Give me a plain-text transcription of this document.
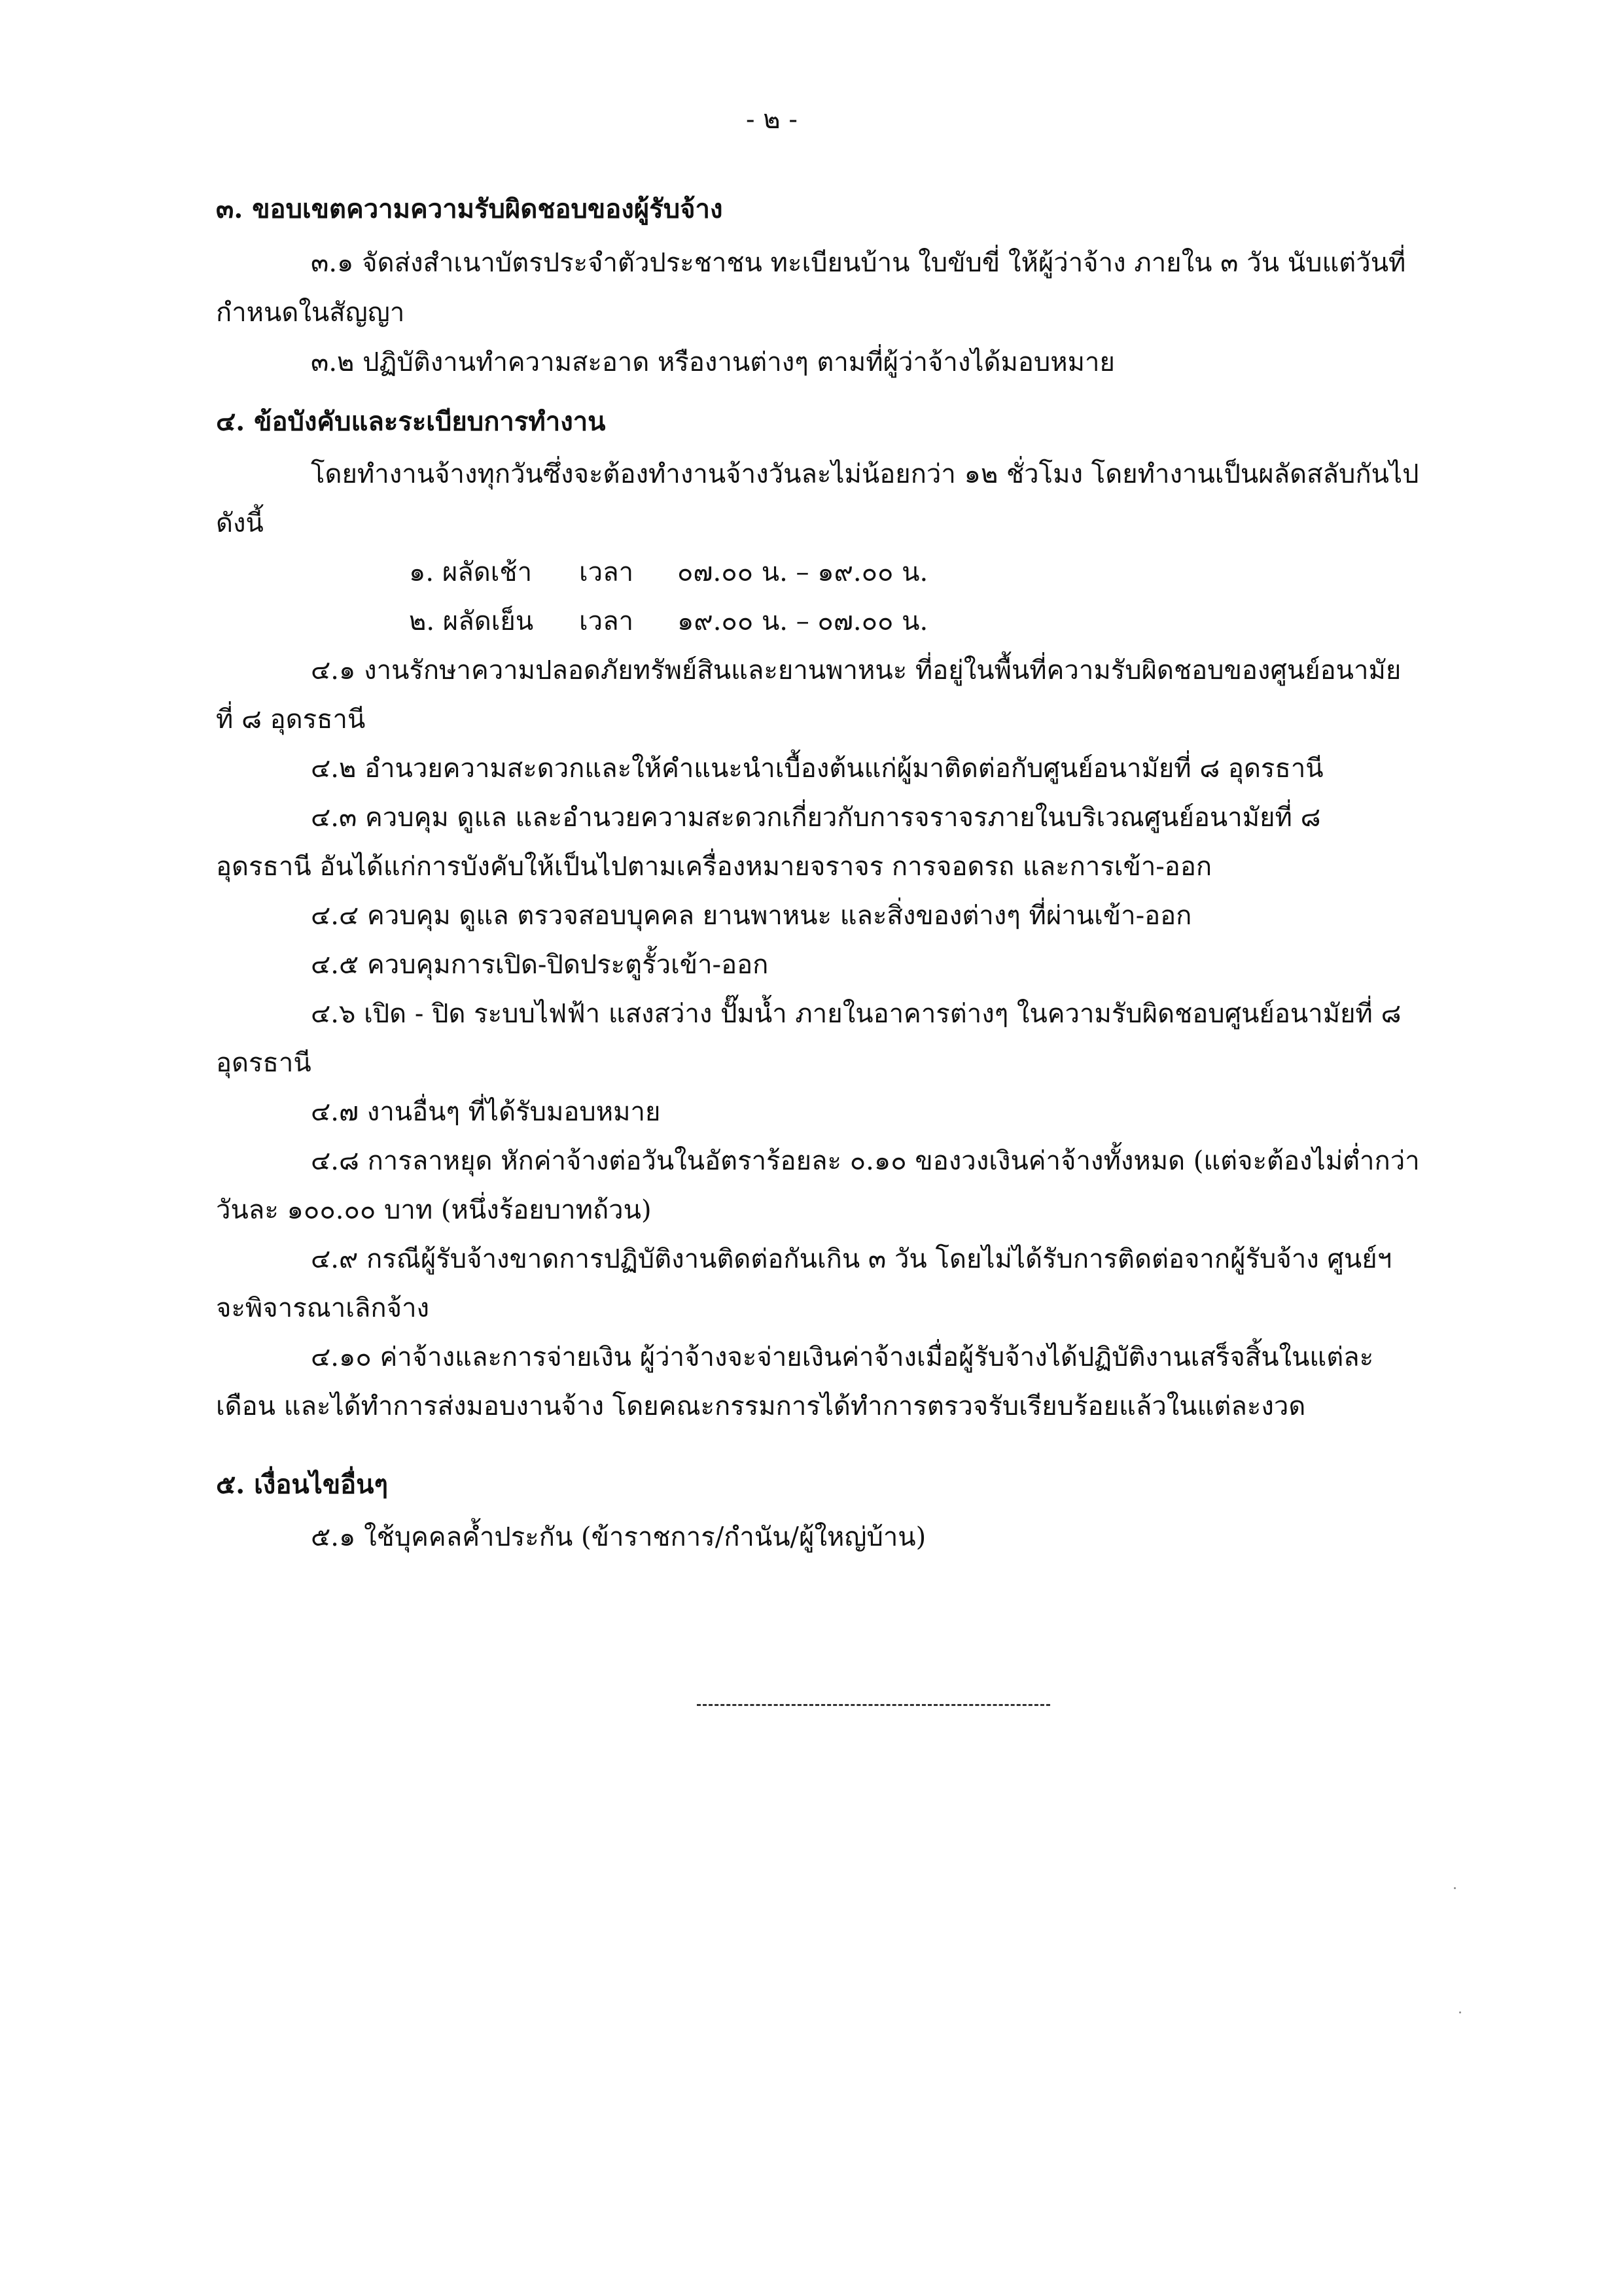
- ๒ -
๓. ขอบเขตความความรับผิดชอบของผู้รับจ้าง
๓.๑ จัดส่งสำเนาบัตรประจำตัวประชาชน ทะเบียนบ้าน ใบขับขี่ ให้ผู้ว่าจ้าง ภายใน ๓ วัน นับแต่วันที่
กำหนดในสัญญา
๓.๒ ปฏิบัติงานทำความสะอาด หรืองานต่างๆ ตามที่ผู้ว่าจ้างได้มอบหมาย
๔. ข้อบังคับและระเบียบการทำงาน
โดยทำงานจ้างทุกวันซึ่งจะต้องทำงานจ้างวันละไม่น้อยกว่า ๑๒ ชั่วโมง โดยทำงานเป็นผลัดสลับกันไป
ดังนี้
๑. ผลัดเช้า เวลา ๐๗.๐๐ น. – ๑๙.๐๐ น.
๒. ผลัดเย็น เวลา ๑๙.๐๐ น. – ๐๗.๐๐ น.
๔.๑ งานรักษาความปลอดภัยทรัพย์สินและยานพาหนะ ที่อยู่ในพื้นที่ความรับผิดชอบของศูนย์อนามัย
ที่ ๘ อุดรธานี
๔.๒ อำนวยความสะดวกและให้คำแนะนำเบื้องต้นแก่ผู้มาติดต่อกับศูนย์อนามัยที่ ๘ อุดรธานี
๔.๓ ควบคุม ดูแล และอำนวยความสะดวกเกี่ยวกับการจราจรภายในบริเวณศูนย์อนามัยที่ ๘
อุดรธานี อันได้แก่การบังคับให้เป็นไปตามเครื่องหมายจราจร การจอดรถ และการเข้า-ออก
๔.๔ ควบคุม ดูแล ตรวจสอบบุคคล ยานพาหนะ และสิ่งของต่างๆ ที่ผ่านเข้า-ออก
๔.๕ ควบคุมการเปิด-ปิดประตูรั้วเข้า-ออก
๔.๖ เปิด - ปิด ระบบไฟฟ้า แสงสว่าง ปั๊มน้ำ ภายในอาคารต่างๆ ในความรับผิดชอบศูนย์อนามัยที่ ๘
อุดรธานี
๔.๗ งานอื่นๆ ที่ได้รับมอบหมาย
๔.๘ การลาหยุด หักค่าจ้างต่อวันในอัตราร้อยละ ๐.๑๐ ของวงเงินค่าจ้างทั้งหมด (แต่จะต้องไม่ต่ำกว่า
วันละ ๑๐๐.๐๐ บาท (หนึ่งร้อยบาทถ้วน)
๔.๙ กรณีผู้รับจ้างขาดการปฏิบัติงานติดต่อกันเกิน ๓ วัน โดยไม่ได้รับการติดต่อจากผู้รับจ้าง ศูนย์ฯ
จะพิจารณาเลิกจ้าง
๔.๑๐ ค่าจ้างและการจ่ายเงิน ผู้ว่าจ้างจะจ่ายเงินค่าจ้างเมื่อผู้รับจ้างได้ปฏิบัติงานเสร็จสิ้นในแต่ละ
เดือน และได้ทำการส่งมอบงานจ้าง โดยคณะกรรมการได้ทำการตรวจรับเรียบร้อยแล้วในแต่ละงวด
๕. เงื่อนไขอื่นๆ
๕.๑ ใช้บุคคลค้ำประกัน (ข้าราชการ/กำนัน/ผู้ใหญ่บ้าน)
